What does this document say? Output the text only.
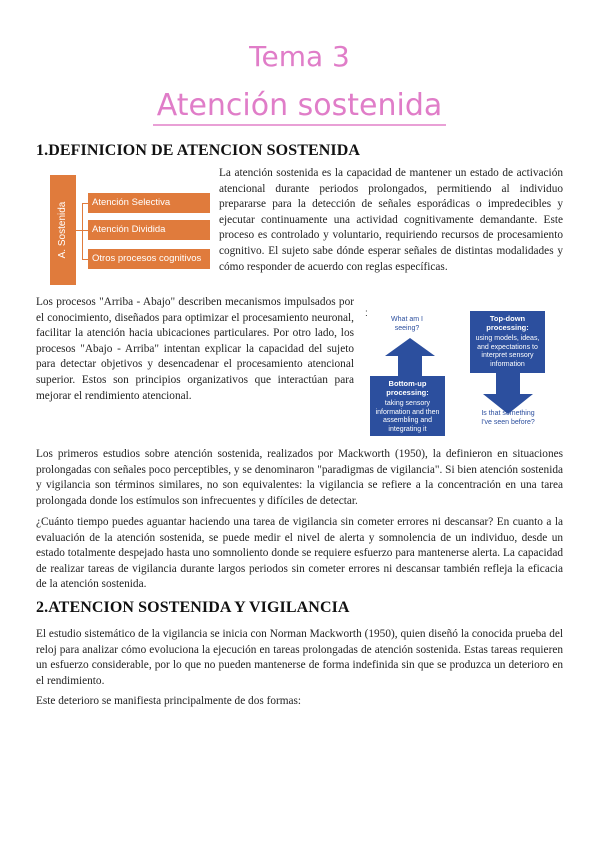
Tema 3
Atención sostenida
1.DEFINICION DE ATENCION SOSTENIDA
A. Sostenida	Atención Selectiva
Atención Dividida
Otros procesos cognitivos
La atención sostenida es la capacidad de mantener un estado de activación atencional durante periodos prolongados, permitiendo al individuo prepararse para la detección de señales esporádicas o impredecibles y ejecutar continuamente una actividad cognitivamente demandante. Este proceso es controlado y voluntario, requiriendo recursos de procesamiento cognitivo. El sujeto sabe dónde esperar señales de distintas modalidades y cómo responder de acuerdo con reglas específicas.
Los procesos "Arriba - Abajo" describen mecanismos impulsados por el conocimiento, diseñados para optimizar el procesamiento neuronal, facilitar la atención hacia ubicaciones particulares. Por otro lado, los procesos "Abajo - Arriba" intentan explicar la capacidad del sujeto para detectar objetivos y desencadenar el procesamiento atencional superior. Estos son principios organizativos que interactúan para mejorar el rendimiento atencional.
:
What am I seeing?
Bottom-up processing:
taking sensory information and then assembling and integrating it
Top-down processing:
using models, ideas, and expectations to interpret sensory information
Is that something I've seen before?
Los primeros estudios sobre atención sostenida, realizados por Mackworth (1950), la definieron en situaciones prolongadas con señales poco perceptibles, y se denominaron "paradigmas de vigilancia". Si bien atención sostenida y vigilancia son términos similares, no son equivalentes: la vigilancia se refiere a la concentración en una tarea prolongada donde los estímulos son infrecuentes y difíciles de detectar.
¿Cuánto tiempo puedes aguantar haciendo una tarea de vigilancia sin cometer errores ni descansar? En cuanto a la evaluación de la atención sostenida, se puede medir el nivel de alerta y somnolencia de un individuo, desde un estado totalmente despejado hasta uno somnoliento donde se requiere esfuerzo para mantenerse alerta. La capacidad de realizar tareas de vigilancia durante largos periodos sin cometer errores ni descansar también refleja la eficacia de la atención sostenida.
2.ATENCION SOSTENIDA Y VIGILANCIA
El estudio sistemático de la vigilancia se inicia con Norman Mackworth (1950), quien diseñó la conocida prueba del reloj para analizar cómo evoluciona la ejecución en tareas prolongadas de atención sostenida. Estas tareas requieren un esfuerzo considerable, por lo que no pueden mantenerse de forma indefinida sin que se produzca un deterioro en el rendimiento.
Este deterioro se manifiesta principalmente de dos formas:
